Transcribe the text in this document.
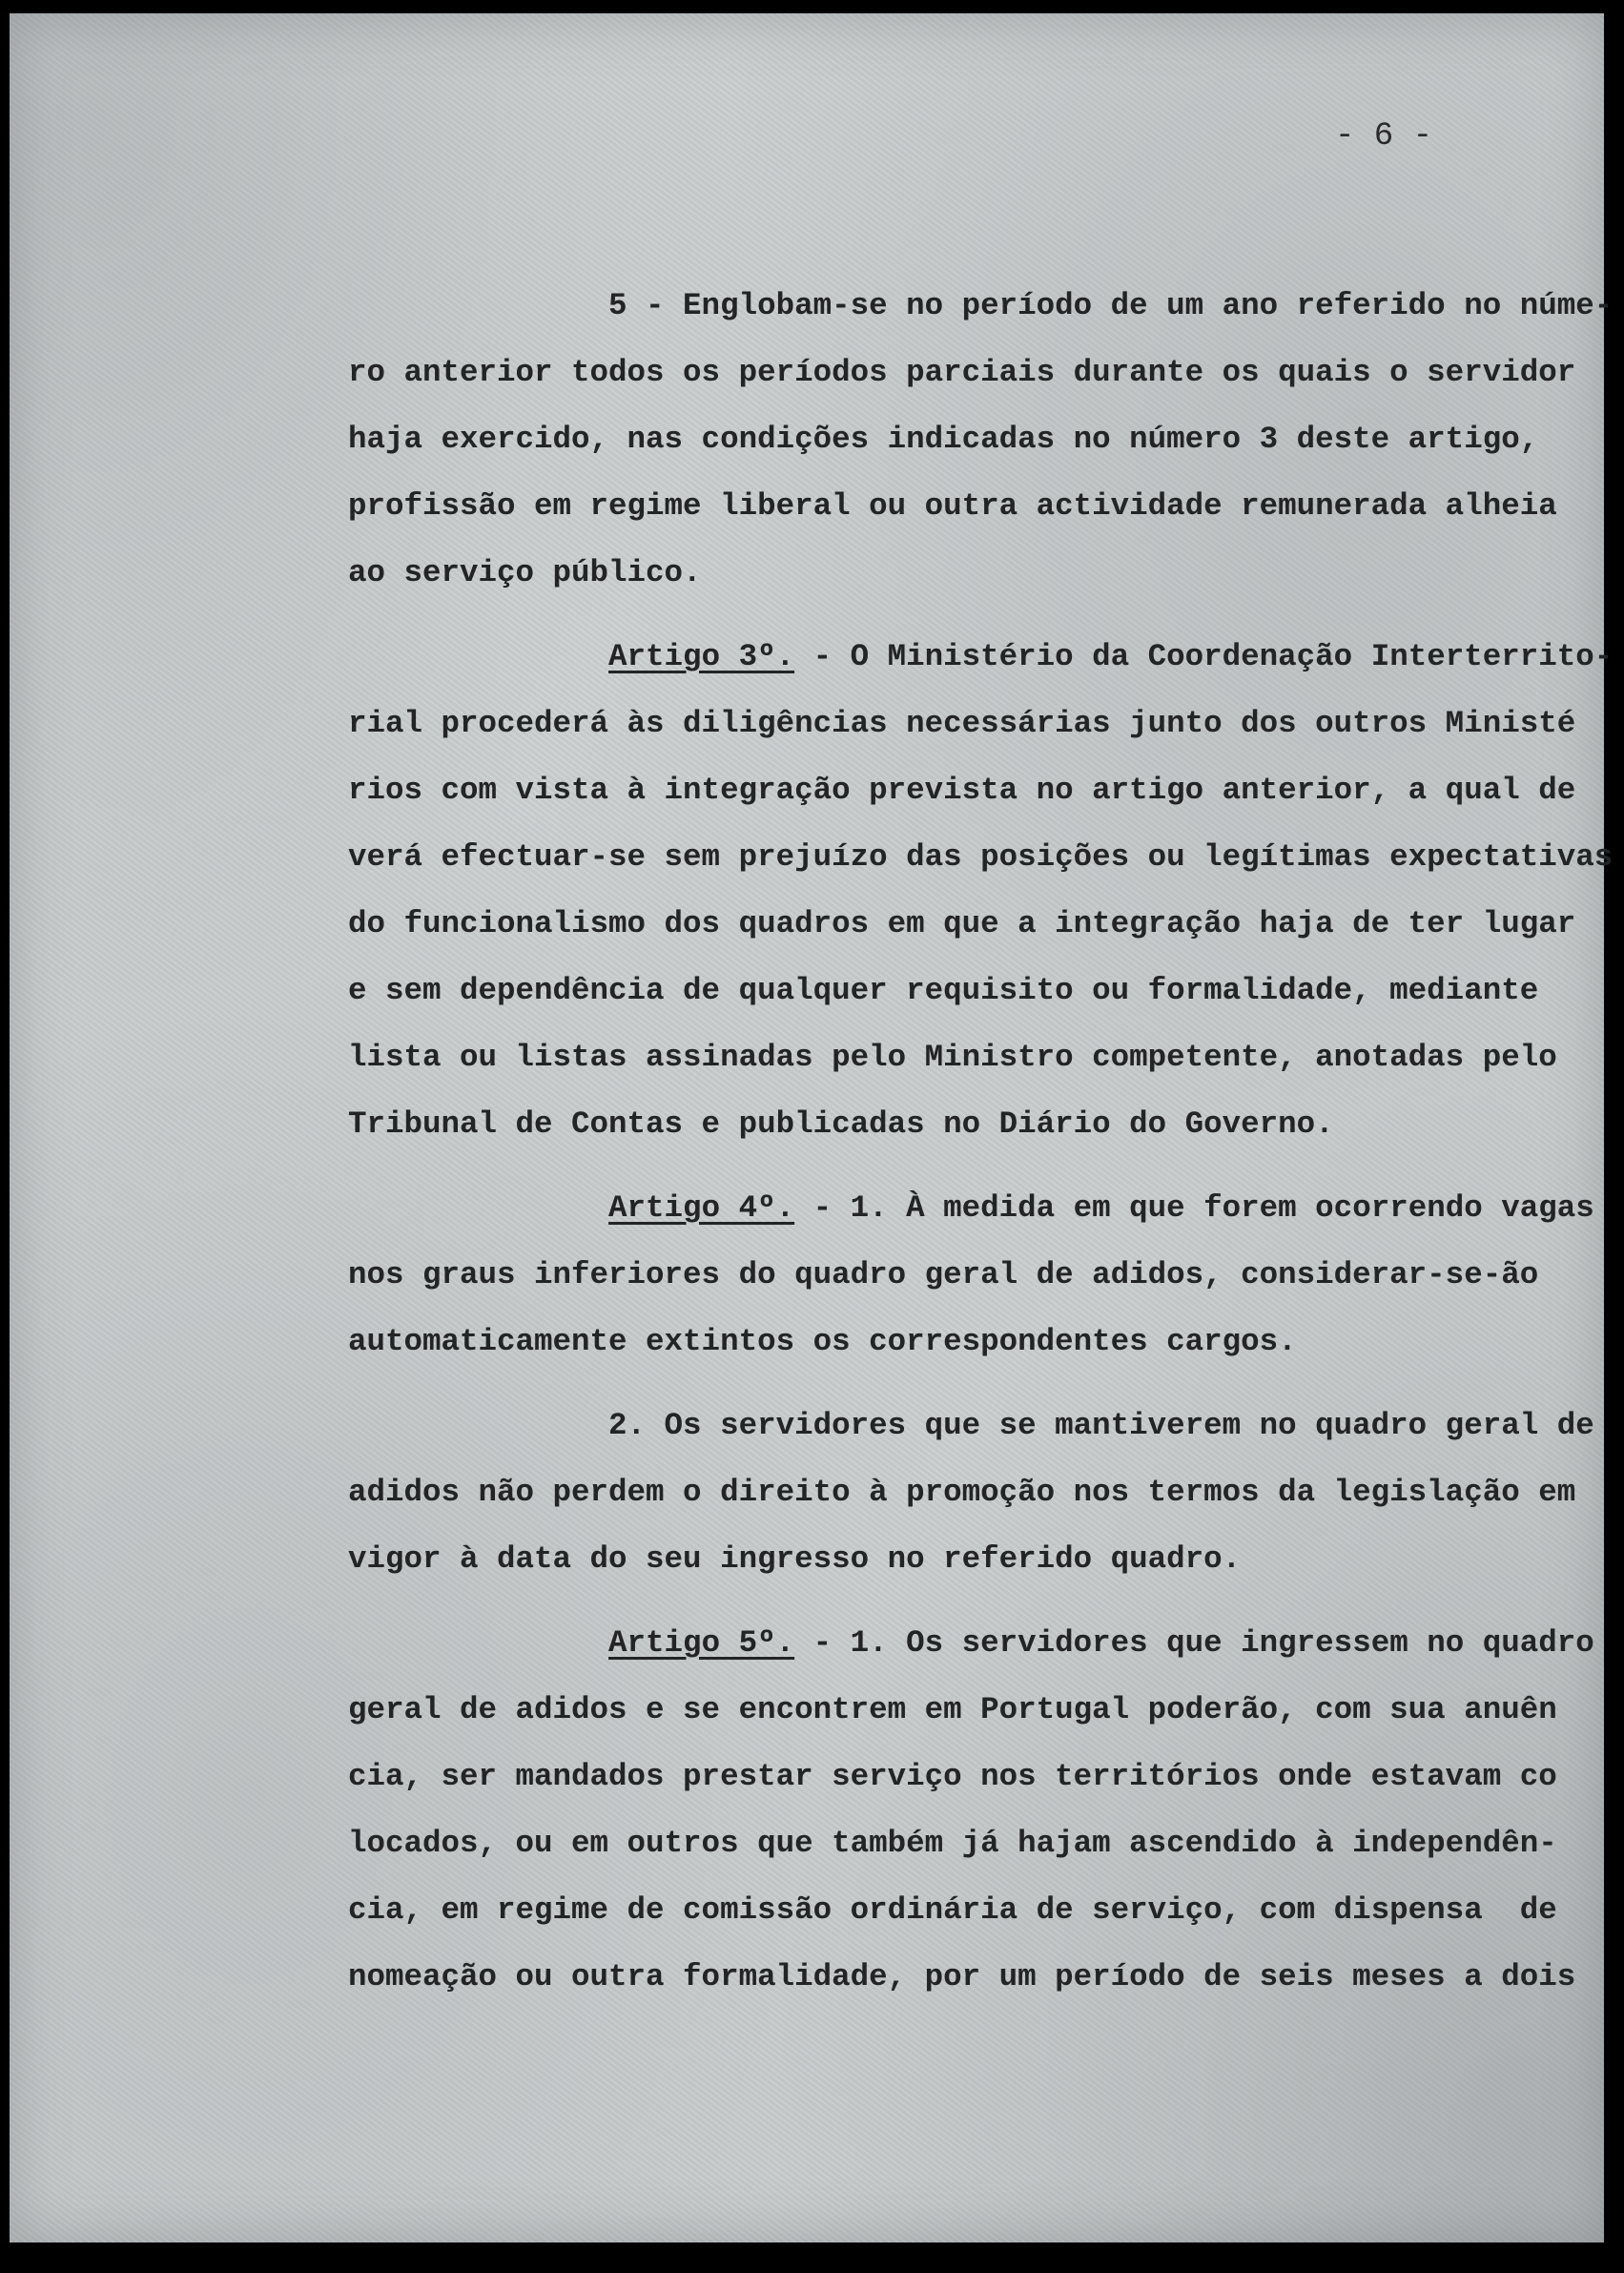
- 6 -
5 - Englobam-se no período de um ano referido no núme-
ro anterior todos os períodos parciais durante os quais o servidor
haja exercido, nas condições indicadas no número 3 deste artigo,
profissão em regime liberal ou outra actividade remunerada alheia
ao serviço público.
Artigo 3º. - O Ministério da Coordenação Interterrito-
rial procederá às diligências necessárias junto dos outros Ministé
rios com vista à integração prevista no artigo anterior, a qual de
verá efectuar-se sem prejuízo das posições ou legítimas expectativas
do funcionalismo dos quadros em que a integração haja de ter lugar
e sem dependência de qualquer requisito ou formalidade, mediante
lista ou listas assinadas pelo Ministro competente, anotadas pelo
Tribunal de Contas e publicadas no Diário do Governo.
Artigo 4º. - 1. À medida em que forem ocorrendo vagas
nos graus inferiores do quadro geral de adidos, considerar-se-ão
automaticamente extintos os correspondentes cargos.
2. Os servidores que se mantiverem no quadro geral de
adidos não perdem o direito à promoção nos termos da legislação em
vigor à data do seu ingresso no referido quadro.
Artigo 5º. - 1. Os servidores que ingressem no quadro
geral de adidos e se encontrem em Portugal poderão, com sua anuên
cia, ser mandados prestar serviço nos territórios onde estavam co
locados, ou em outros que também já hajam ascendido à independên-
cia, em regime de comissão ordinária de serviço, com dispensa  de
nomeação ou outra formalidade, por um período de seis meses a dois
